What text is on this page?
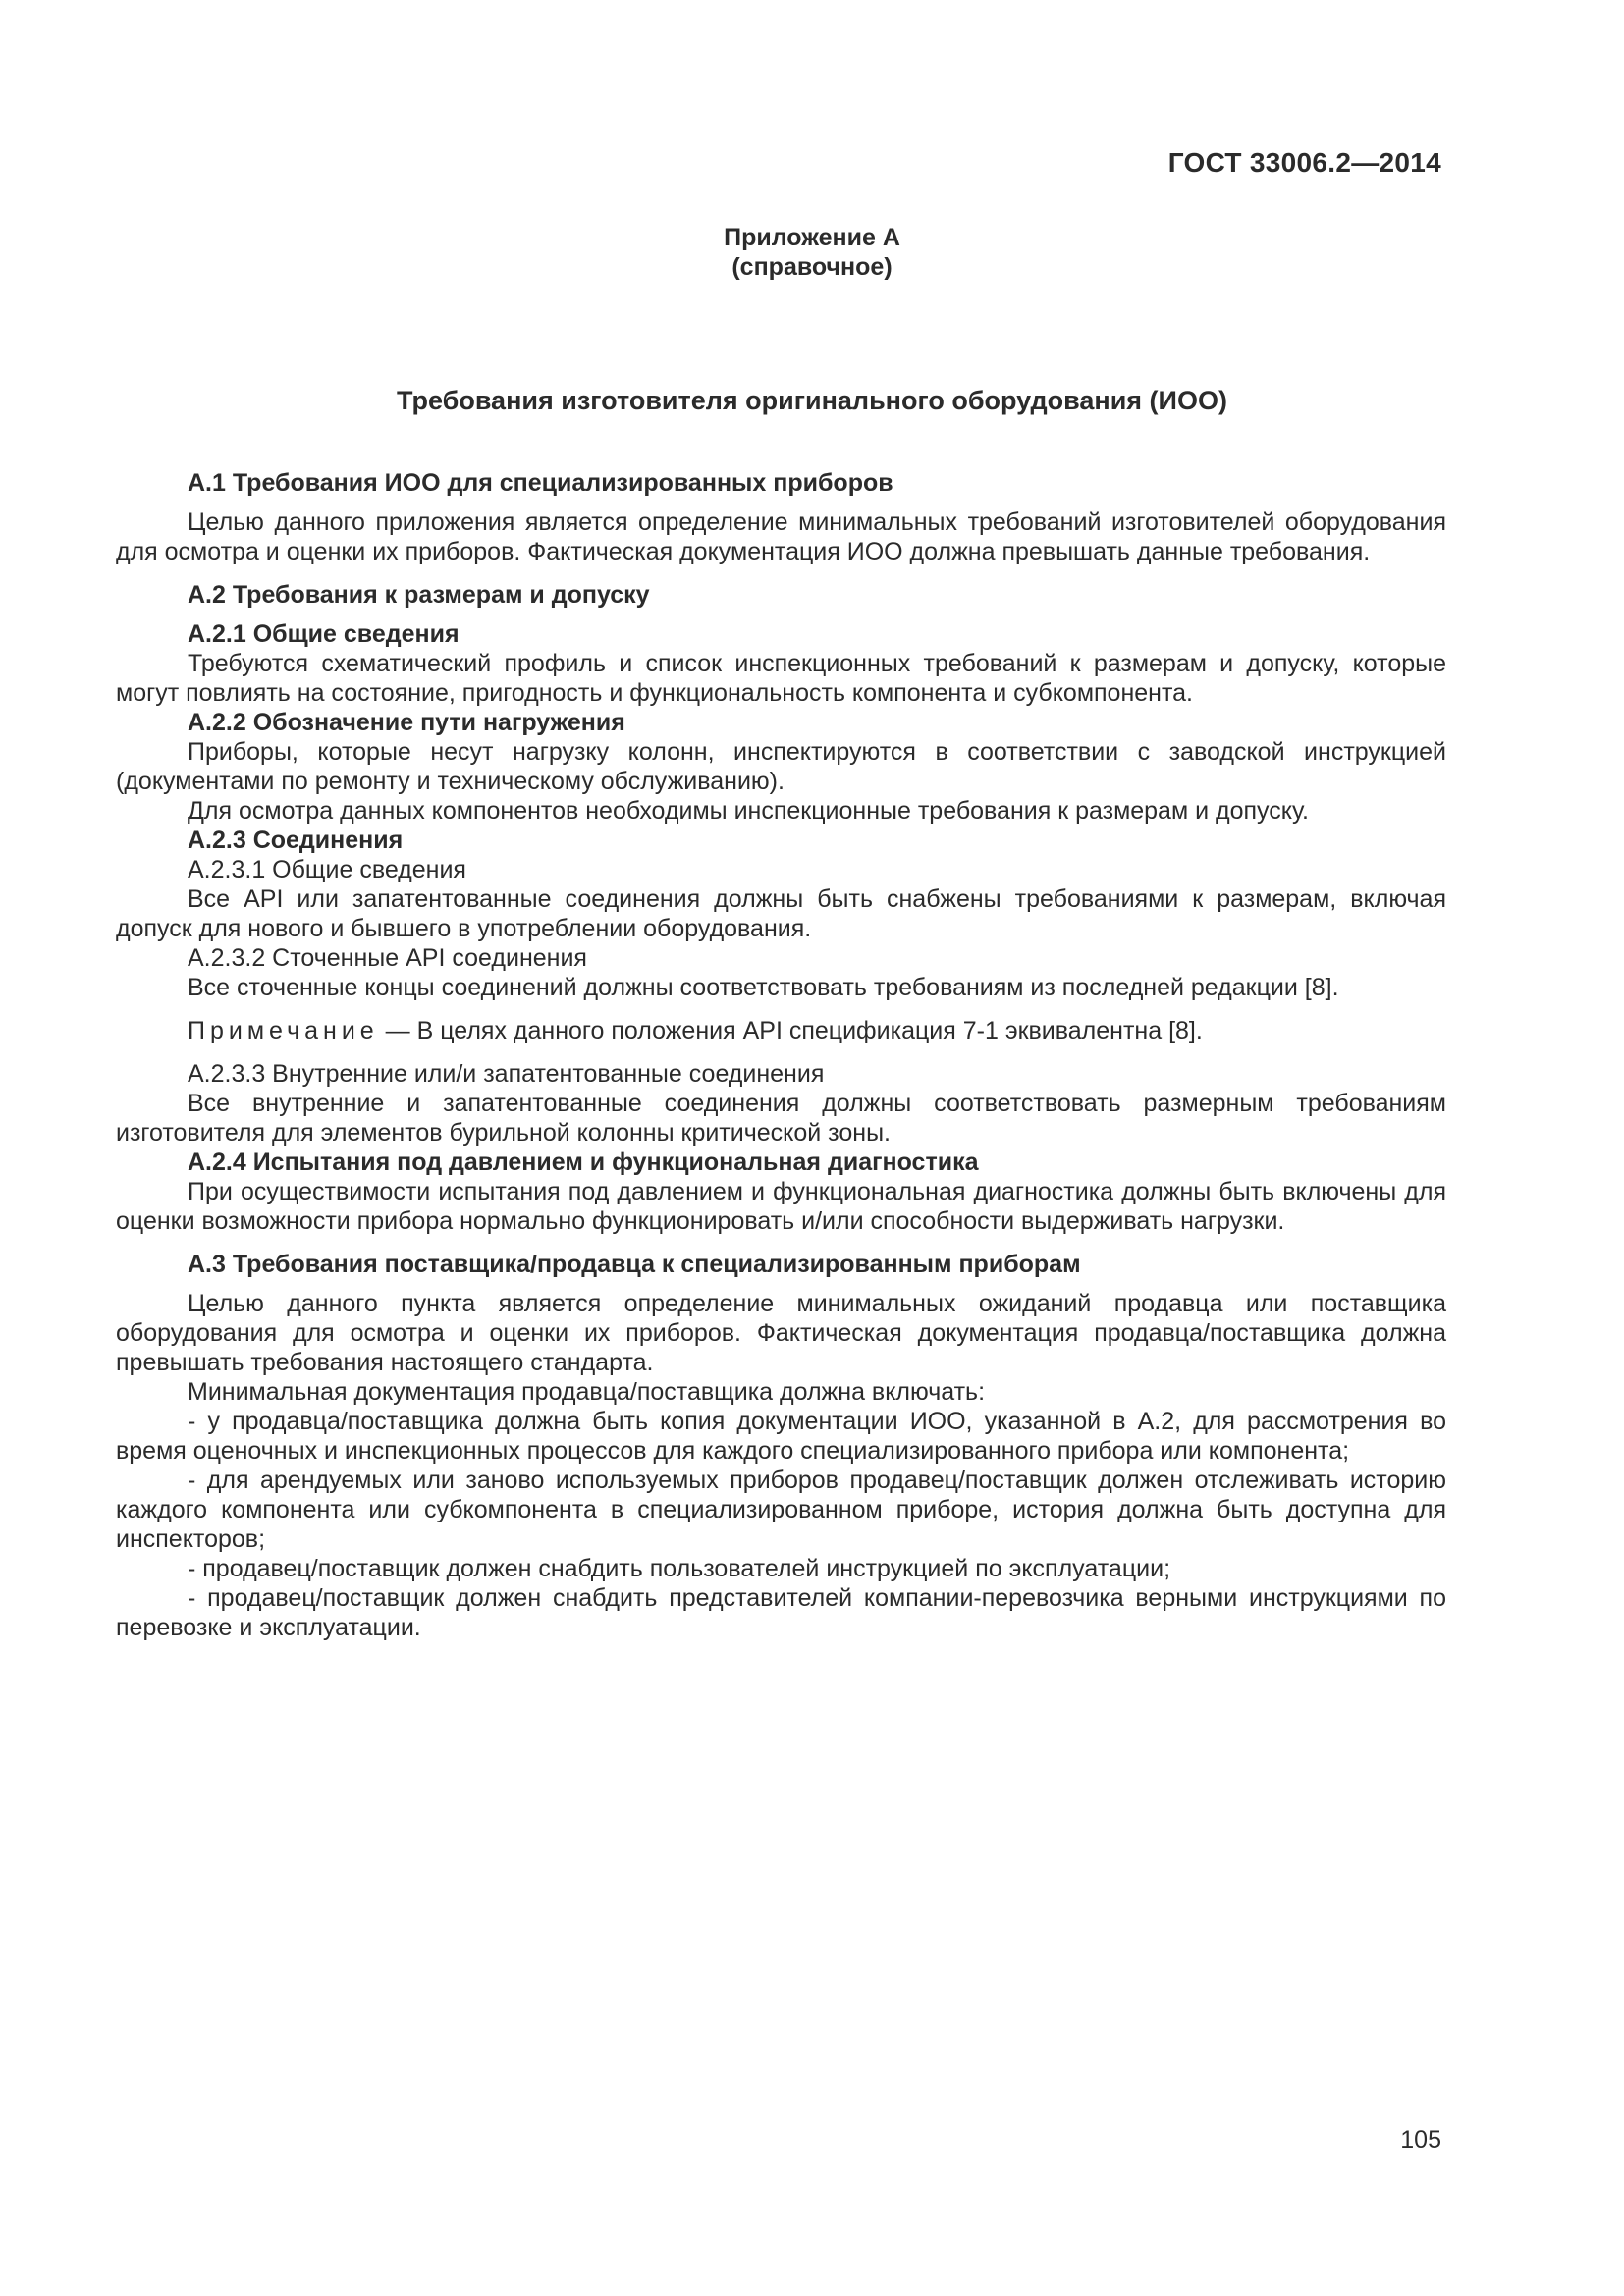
ГОСТ 33006.2—2014
Приложение А
(справочное)
Требования изготовителя оригинального оборудования (ИОО)

А.1 Требования ИОО для специализированных приборов

Целью данного приложения является определение минимальных требований изготовителей оборудования для осмотра и оценки их приборов. Фактическая документация ИОО должна превышать данные требования.

А.2 Требования к размерам и допуску

А.2.1 Общие сведения

Требуются схематический профиль и список инспекционных требований к размерам и допуску, которые могут повлиять на состояние, пригодность и функциональность компонента и субкомпонента.

А.2.2 Обозначение пути нагружения

Приборы, которые несут нагрузку колонн, инспектируются в соответствии с заводской инструкцией (документами по ремонту и техническому обслуживанию).

Для осмотра данных компонентов необходимы инспекционные требования к размерам и допуску.

А.2.3 Соединения

А.2.3.1 Общие сведения

Все API или запатентованные соединения должны быть снабжены требованиями к размерам, включая допуск для нового и бывшего в употреблении оборудования.

А.2.3.2 Сточенные API соединения

Все сточенные концы соединений должны соответствовать требованиям из последней редакции [8].

Примечание — В целях данного положения API спецификация 7-1 эквивалентна [8].

А.2.3.3 Внутренние или/и запатентованные соединения

Все внутренние и запатентованные соединения должны соответствовать размерным требованиям изготовителя для элементов бурильной колонны критической зоны.

А.2.4 Испытания под давлением и функциональная диагностика

При осуществимости испытания под давлением и функциональная диагностика должны быть включены для оценки возможности прибора нормально функционировать и/или способности выдерживать нагрузки.

А.3 Требования поставщика/продавца к специализированным приборам

Целью данного пункта является определение минимальных ожиданий продавца или поставщика оборудования для осмотра и оценки их приборов. Фактическая документация продавца/поставщика должна превышать требования настоящего стандарта.

Минимальная документация продавца/поставщика должна включать:

- у продавца/поставщика должна быть копия документации ИОО, указанной в А.2, для рассмотрения во время оценочных и инспекционных процессов для каждого специализированного прибора или компонента;

- для арендуемых или заново используемых приборов продавец/поставщик должен отслеживать историю каждого компонента или субкомпонента в специализированном приборе, история должна быть доступна для инспекторов;

- продавец/поставщик должен снабдить пользователей инструкцией по эксплуатации;

- продавец/поставщик должен снабдить представителей компании-перевозчика верными инструкциями по перевозке и эксплуатации.

105
